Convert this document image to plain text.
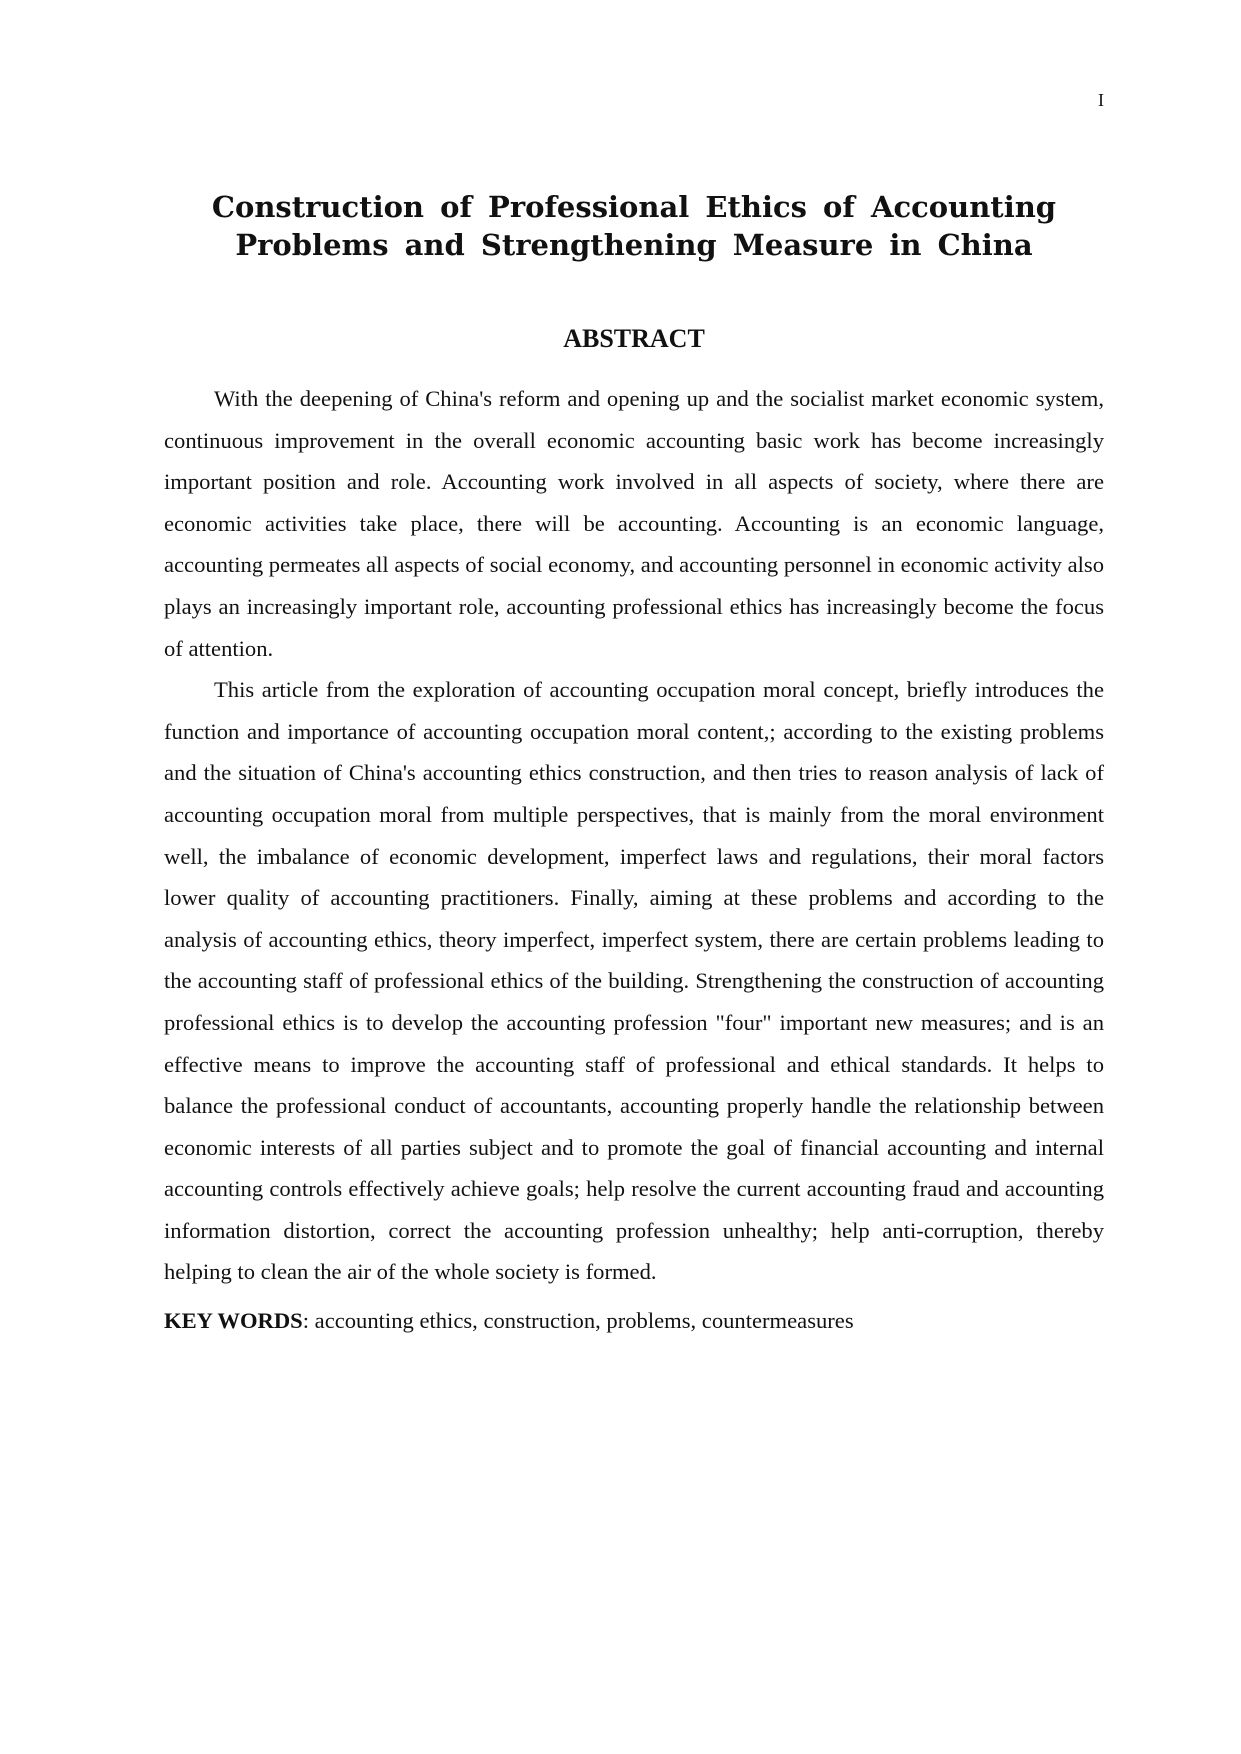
I
Construction of Professional Ethics of Accounting Problems and Strengthening Measure in China
ABSTRACT

With the deepening of China's reform and opening up and the socialist market economic system, continuous improvement in the overall economic accounting basic work has become increasingly important position and role. Accounting work involved in all aspects of society, where there are economic activities take place, there will be accounting. Accounting is an economic language, accounting permeates all aspects of social economy, and accounting personnel in economic activity also plays an increasingly important role, accounting professional ethics has increasingly become the focus of attention.

This article from the exploration of accounting occupation moral concept, briefly introduces the function and importance of accounting occupation moral content,; according to the existing problems and the situation of China's accounting ethics construction, and then tries to reason analysis of lack of accounting occupation moral from multiple perspectives, that is mainly from the moral environment well, the imbalance of economic development, imperfect laws and regulations, their moral factors lower quality of accounting practitioners. Finally, aiming at these problems and according to the analysis of accounting ethics, theory imperfect, imperfect system, there are certain problems leading to the accounting staff of professional ethics of the building. Strengthening the construction of accounting professional ethics is to develop the accounting profession "four" important new measures; and is an effective means to improve the accounting staff of professional and ethical standards. It helps to balance the professional conduct of accountants, accounting properly handle the relationship between economic interests of all parties subject and to promote the goal of financial accounting and internal accounting controls effectively achieve goals; help resolve the current accounting fraud and accounting information distortion, correct the accounting profession unhealthy; help anti-corruption, thereby helping to clean the air of the whole society is formed.

KEY WORDS: accounting ethics, construction, problems, countermeasures
